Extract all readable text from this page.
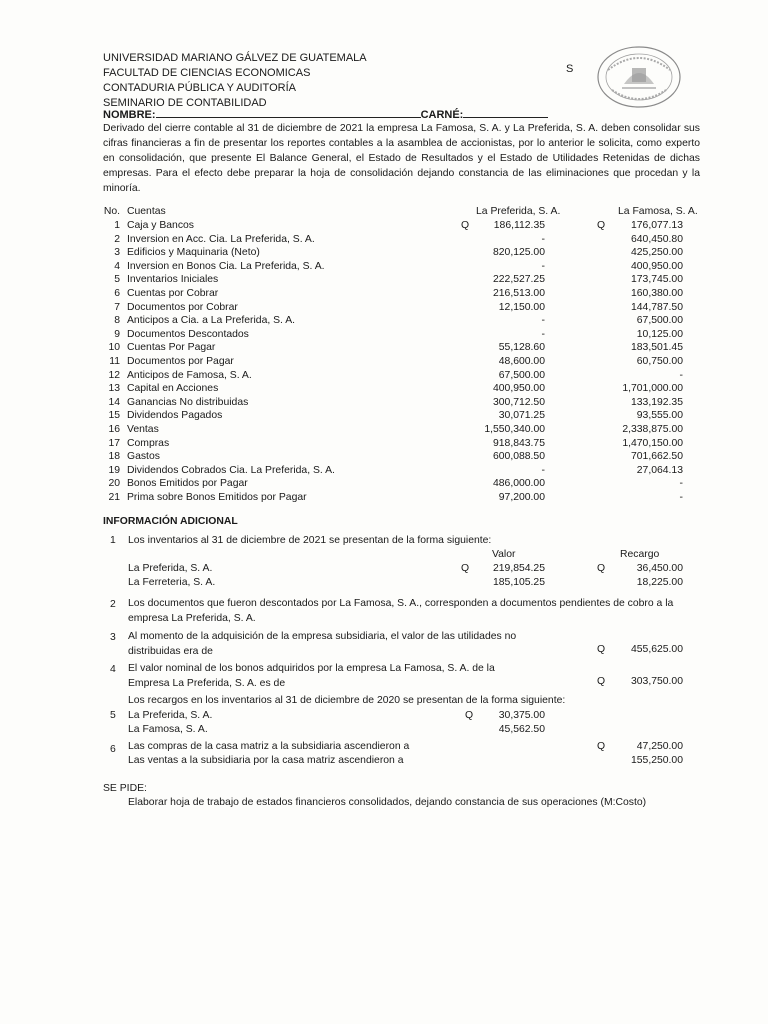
UNIVERSIDAD MARIANO GÁLVEZ DE GUATEMALA
FACULTAD DE CIENCIAS ECONOMICAS
CONTADURIA PÚBLICA Y AUDITORÍA
SEMINARIO DE CONTABILIDAD
S
NOMBRE:	CARNÉ:
Derivado del cierre contable al 31 de diciembre de 2021 la empresa La Famosa, S. A. y La Preferida, S. A. deben consolidar sus cifras financieras a fin de presentar los reportes contables a la asamblea de accionistas, por lo anterior le solicita, como experto en consolidación, que presente El Balance General, el Estado de Resultados y el Estado de Utilidades Retenidas de dichas empresas. Para el efecto debe preparar la hoja de consolidación dejando constancia de las eliminaciones que procedan y la minoría.
No. Cuentas	La Preferida, S. A.	La Famosa, S. A.
1 Caja y Bancos	186,112.35	176,077.13
Q	Q
2 Inversion en Acc. Cia. La Preferida, S. A.	-	640,450.80
3 Edificios y Maquinaria (Neto)	820,125.00	425,250.00
4 Inversion en Bonos Cia. La Preferida, S. A.	-	400,950.00
5 Inventarios Iniciales	222,527.25	173,745.00
6 Cuentas por Cobrar	216,513.00	160,380.00
7 Documentos por Cobrar	12,150.00	144,787.50
8 Anticipos a Cia. a La Preferida, S. A.	-	67,500.00
9 Documentos Descontados	-	10,125.00
10 Cuentas Por Pagar	55,128.60	183,501.45
11 Documentos por Pagar	48,600.00	60,750.00
12 Anticipos de Famosa, S. A.	67,500.00	-
13 Capital en Acciones	400,950.00	1,701,000.00
14 Ganancias No distribuidas	300,712.50	133,192.35
15 Dividendos Pagados	30,071.25	93,555.00
16 Ventas	1,550,340.00	2,338,875.00
17 Compras	918,843.75	1,470,150.00
18 Gastos	600,088.50	701,662.50
19 Dividendos Cobrados Cia. La Preferida, S. A.	-	27,064.13
20 Bonos Emitidos por Pagar	486,000.00	-
21 Prima sobre Bonos Emitidos por Pagar	97,200.00	-
INFORMACIÓN ADICIONAL
1 Los inventarios al 31 de diciembre de 2021 se presentan de la forma siguiente:
Valor	Recargo
La Preferida, S. A.	Q	219,854.25	Q	36,450.00
La Ferreteria, S. A.	185,105.25	18,225.00
2 Los documentos que fueron descontados por La Famosa, S. A., corresponden a documentos pendientes de cobro a la
empresa La Preferida, S. A.
3 Al momento de la adquisición de la empresa subsidiaria, el valor de las utilidades no
distribuidas era de	Q	455,625.00
4 El valor nominal de los bonos adquiridos por la empresa La Famosa, S. A. de la
Empresa La Preferida, S. A. es de	Q	303,750.00
Los recargos en los inventarios al 31 de diciembre de 2020 se presentan de la forma siguiente:
5 La Preferida, S. A.	Q	30,375.00
La Famosa, S. A.	45,562.50
6 Las compras de la casa matriz a la subsidiaria ascendieron a	Q	47,250.00
Las ventas a la subsidiaria por la casa matriz ascendieron a	155,250.00
SE PIDE:
Elaborar hoja de trabajo de estados financieros consolidados, dejando constancia de sus operaciones (M:Costo)
